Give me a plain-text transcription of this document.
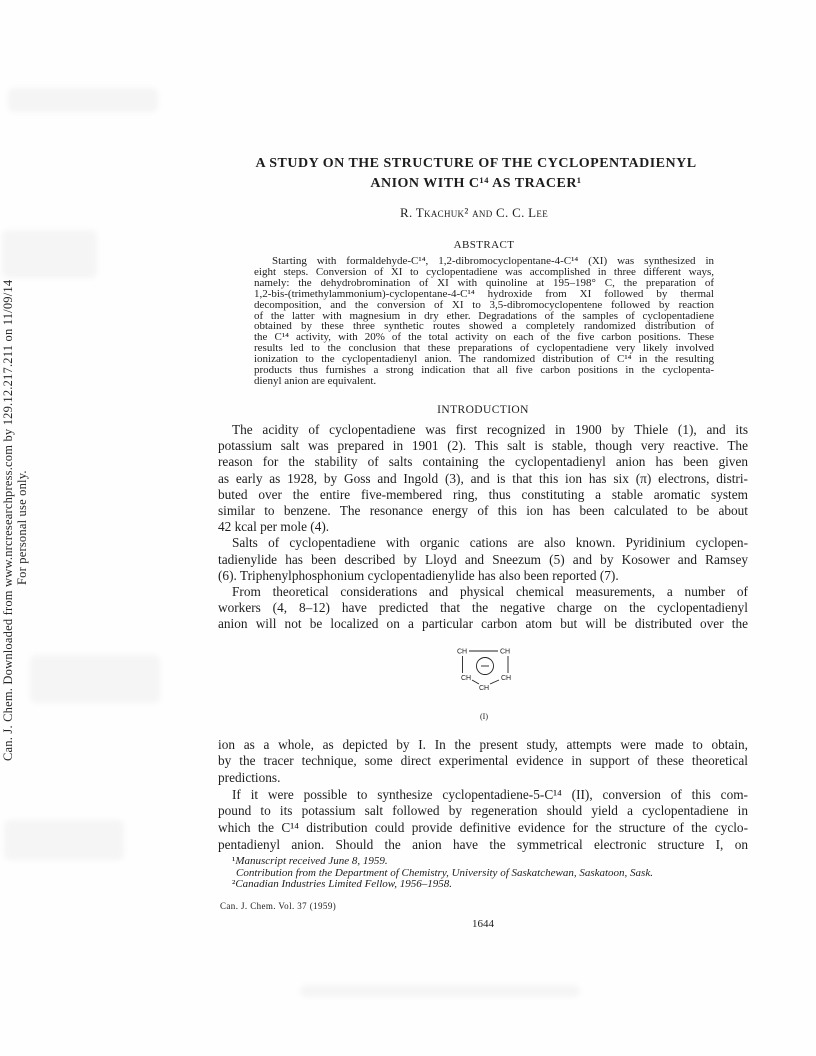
Can. J. Chem. Downloaded from www.nrcresearchpress.com by 129.12.217.211 on 11/09/14 For personal use only.
A STUDY ON THE STRUCTURE OF THE CYCLOPENTADIENYL
ANION WITH C¹⁴ AS TRACER¹
R. Tkachuk² and C. C. Lee
ABSTRACT
Starting with formaldehyde-C¹⁴, 1,2-dibromocyclopentane-4-C¹⁴ (XI) was synthesized in
eight steps. Conversion of XI to cyclopentadiene was accomplished in three different ways,
namely: the dehydrobromination of XI with quinoline at 195–198° C, the preparation of
1,2-bis-(trimethylammonium)-cyclopentane-4-C¹⁴ hydroxide from XI followed by thermal
decomposition, and the conversion of XI to 3,5-dibromocyclopentene followed by reaction
of the latter with magnesium in dry ether. Degradations of the samples of cyclopentadiene
obtained by these three synthetic routes showed a completely randomized distribution of
the C¹⁴ activity, with 20% of the total activity on each of the five carbon positions. These
results led to the conclusion that these preparations of cyclopentadiene very likely involved
ionization to the cyclopentadienyl anion. The randomized distribution of C¹⁴ in the resulting
products thus furnishes a strong indication that all five carbon positions in the cyclopenta-
dienyl anion are equivalent.
INTRODUCTION
The acidity of cyclopentadiene was first recognized in 1900 by Thiele (1), and its
potassium salt was prepared in 1901 (2). This salt is stable, though very reactive. The
reason for the stability of salts containing the cyclopentadienyl anion has been given
as early as 1928, by Goss and Ingold (3), and is that this ion has six (π) electrons, distri-
buted over the entire five-membered ring, thus constituting a stable aromatic system
similar to benzene. The resonance energy of this ion has been calculated to be about
42 kcal per mole (4).
Salts of cyclopentadiene with organic cations are also known. Pyridinium cyclopen-
tadienylide has been described by Lloyd and Sneezum (5) and by Kosower and Ramsey
(6). Triphenylphosphonium cyclopentadienylide has also been reported (7).
From theoretical considerations and physical chemical measurements, a number of
workers (4, 8–12) have predicted that the negative charge on the cyclopentadienyl
anion will not be localized on a particular carbon atom but will be distributed over the
CH	CH
CH	CH
CH
(I)
ion as a whole, as depicted by I. In the present study, attempts were made to obtain,
by the tracer technique, some direct experimental evidence in support of these theoretical
predictions.
If it were possible to synthesize cyclopentadiene-5-C¹⁴ (II), conversion of this com-
pound to its potassium salt followed by regeneration should yield a cyclopentadiene in
which the C¹⁴ distribution could provide definitive evidence for the structure of the cyclo-
pentadienyl anion. Should the anion have the symmetrical electronic structure I, on
¹Manuscript received June 8, 1959.
Contribution from the Department of Chemistry, University of Saskatchewan, Saskatoon, Sask.
²Canadian Industries Limited Fellow, 1956–1958.
Can. J. Chem. Vol. 37 (1959)
1644
